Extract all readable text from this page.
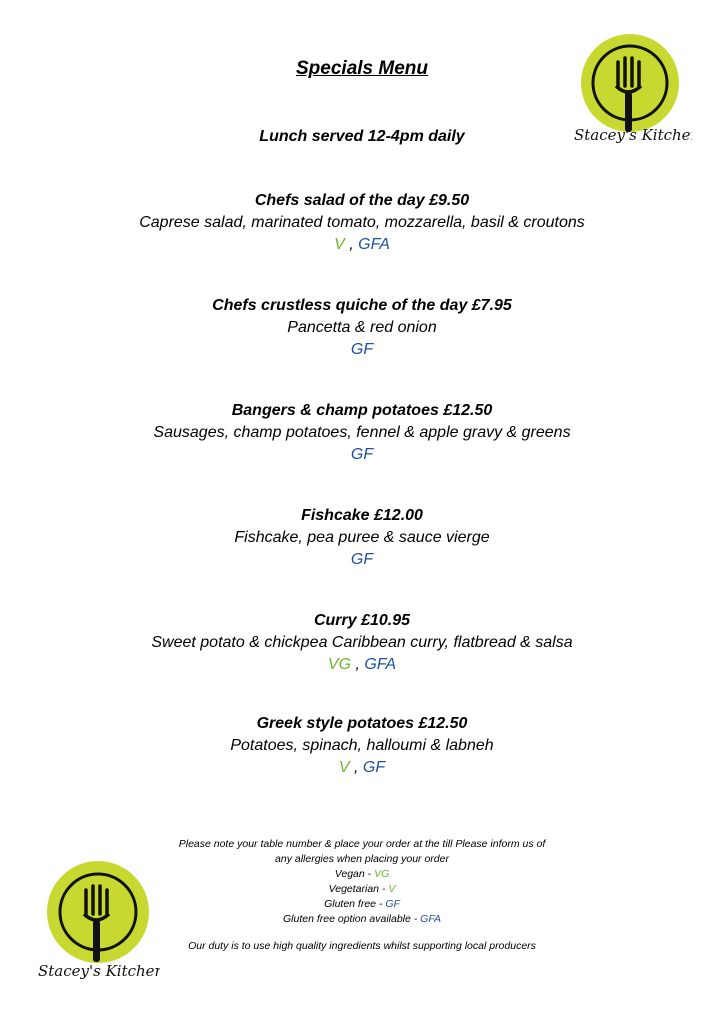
Specials Menu
Lunch served 12-4pm daily	Stacey's Kitchen
Chefs salad of the day £9.50
Caprese salad, marinated tomato, mozzarella, basil & croutons
V , GFA
Chefs crustless quiche of the day £7.95
Pancetta & red onion
GF
Bangers & champ potatoes £12.50
Sausages, champ potatoes, fennel & apple gravy & greens
GF
Fishcake £12.00
Fishcake, pea puree & sauce vierge
GF
Curry £10.95
Sweet potato & chickpea Caribbean curry, flatbread & salsa
VG , GFA
Greek style potatoes £12.50
Potatoes, spinach, halloumi & labneh
V , GF
Please note your table number & place your order at the till Please inform us of
any allergies when placing your order
Vegan - VG
Vegetarian - V
Gluten free - GF
Gluten free option available - GFA
Our duty is to use high quality ingredients whilst supporting local producers
Stacey's Kitchen
